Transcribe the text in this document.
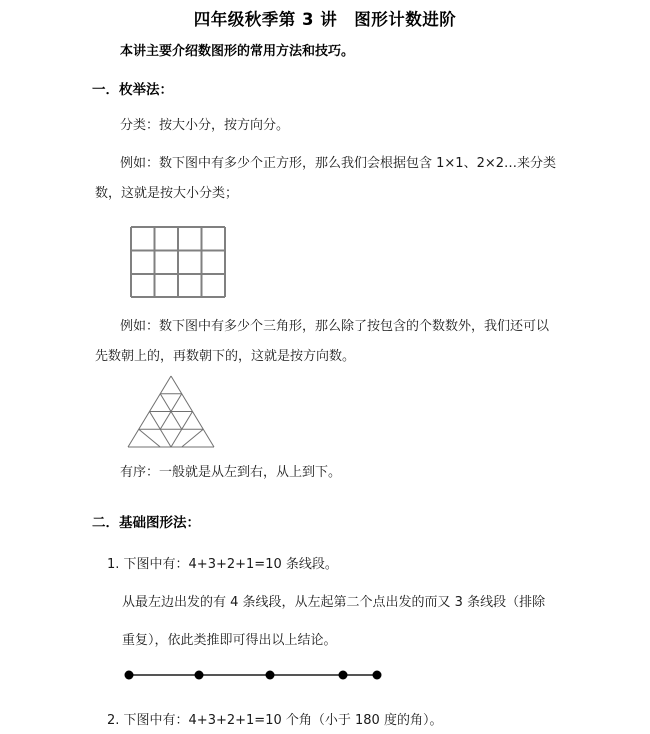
四年级秋季第 3 讲　图形计数进阶

本讲主要介绍数图形的常用方法和技巧。

一．枚举法：

分类：按大小分，按方向分。

例如：数下图中有多少个正方形，那么我们会根据包含 1×1、2×2…来分类

数，这就是按大小分类；

例如：数下图中有多少个三角形，那么除了按包含的个数数外，我们还可以

先数朝上的，再数朝下的，这就是按方向数。

有序：一般就是从左到右，从上到下。

二．基础图形法：

1. 下图中有：4+3+2+1=10 条线段。

从最左边出发的有 4 条线段，从左起第二个点出发的而又 3 条线段（排除

重复），依此类推即可得出以上结论。

2. 下图中有：4+3+2+1=10 个角（小于 180 度的角）。
